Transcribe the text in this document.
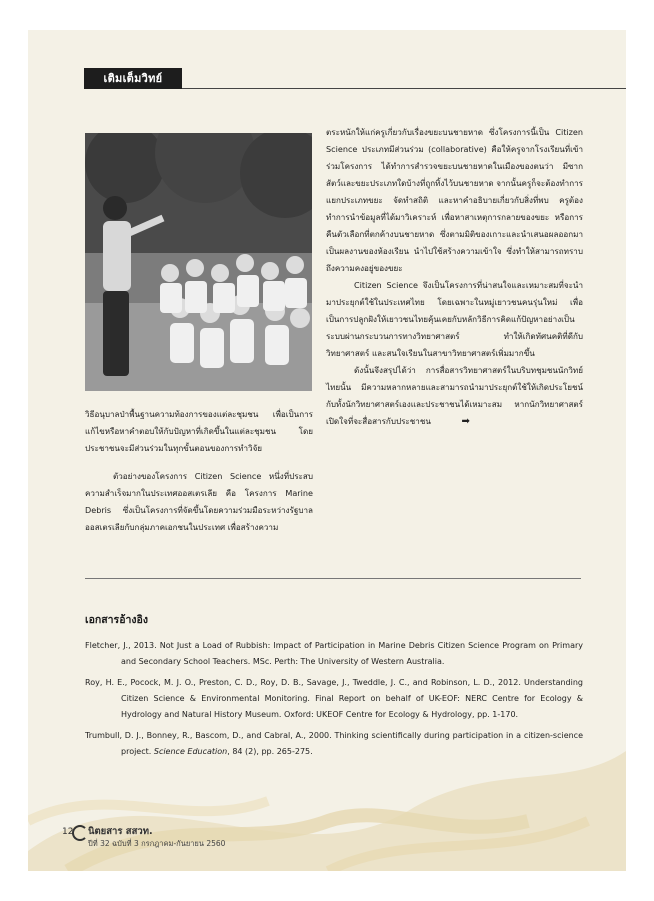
เติมเต็มวิทย์

วิธีอนุบาลป่าพื้นฐานความท้องการของแต่ละชุมชน เพื่อเป็นการแก้ไขหรือหาคำตอบให้กับปัญหาที่เกิดขึ้นในแต่ละชุมชน โดยประชาชนจะมีส่วนร่วมในทุกขั้นตอนของการทำวิจัย

ตัวอย่างของโครงการ Citizen Science หนึ่งที่ประสบความสำเร็จมากในประเทศออสเตรเลีย คือ โครงการ Marine Debris ซึ่งเป็นโครงการที่จัดขึ้นโดยความร่วมมือระหว่างรัฐบาลออสเตรเลียกับกลุ่มภาคเอกชนในประเทศ เพื่อสร้างความ

ตระหนักให้แก่ครูเกี่ยวกับเรื่องขยะบนชายหาด ซึ่งโครงการนี้เป็น Citizen Science ประเภทมีส่วนร่วม (collaborative) คือให้ครูจากโรงเรียนที่เข้าร่วมโครงการ ได้ทำการสำรวจขยะบนชายหาดในเมืองของตนว่า มีซากสัตว์และขยะประเภทใดบ้างที่ถูกทิ้งไว้บนชายหาด จากนั้นครูก็จะต้องทำการแยกประเภทขยะ จัดทำสถิติ และหาคำอธิบายเกี่ยวกับสิ่งที่พบ ครูต้องทำการนำข้อมูลที่ได้มาวิเคราะห์ เพื่อหาสาเหตุการกลายของขยะ หรือการคืนตัวเลือกที่ตกค้างบนชายหาด ซึ่งตามมิติของเกาะและนำเสนอผลออกมาเป็นผลงานของห้องเรียน นำไปใช้สร้างความเข้าใจ ซึ่งทำให้สามารถทราบถึงความคงอยู่ของขยะ

Citizen Science จึงเป็นโครงการที่น่าสนใจและเหมาะสมที่จะนำมาประยุกต์ใช้ในประเทศไทย โดยเฉพาะในหมู่เยาวชนคนรุ่นใหม่ เพื่อเป็นการปลูกฝังให้เยาวชนไทยคุ้นเคยกับหลักวิธีการคิดแก้ปัญหาอย่างเป็นระบบผ่านกระบวนการทางวิทยาศาสตร์ ทำให้เกิดทัศนคติที่ดีกับวิทยาศาสตร์ และสนใจเรียนในสาขาวิทยาศาสตร์เพิ่มมากขึ้น

ดังนั้นจึงสรุปได้ว่า การสื่อสารวิทยาศาสตร์ในบริบทชุมชนนักวิทย์ไทยนั้น มีความหลากหลายและสามารถนำมาประยุกต์ใช้ให้เกิดประโยชน์กับทั้งนักวิทยาศาสตร์เองและประชาชนได้เหมาะสม หากนักวิทยาศาสตร์เปิดใจที่จะสื่อสารกับประชาชน	➡

เอกสารอ้างอิง

Fletcher, J., 2013. Not Just a Load of Rubbish: Impact of Participation in Marine Debris Citizen Science Program on Primary and Secondary School Teachers. MSc. Perth: The University of Western Australia.

Roy, H. E., Pocock, M. J. O., Preston, C. D., Roy, D. B., Savage, J., Tweddle, J. C., and Robinson, L. D., 2012. Understanding Citizen Science & Environmental Monitoring. Final Report on behalf of UK-EOF: NERC Centre for Ecology & Hydrology and Natural History Museum. Oxford: UKEOF Centre for Ecology & Hydrology, pp. 1-170.

Trumbull, D. J., Bonney, R., Bascom, D., and Cabral, A., 2000. Thinking scientifically during participation in a citizen-science project. Science Education, 84 (2), pp. 265-275.

12 นิตยสาร สสวท.
ปีที่ 32 ฉบับที่ 3 กรกฎาคม-กันยายน 2560
